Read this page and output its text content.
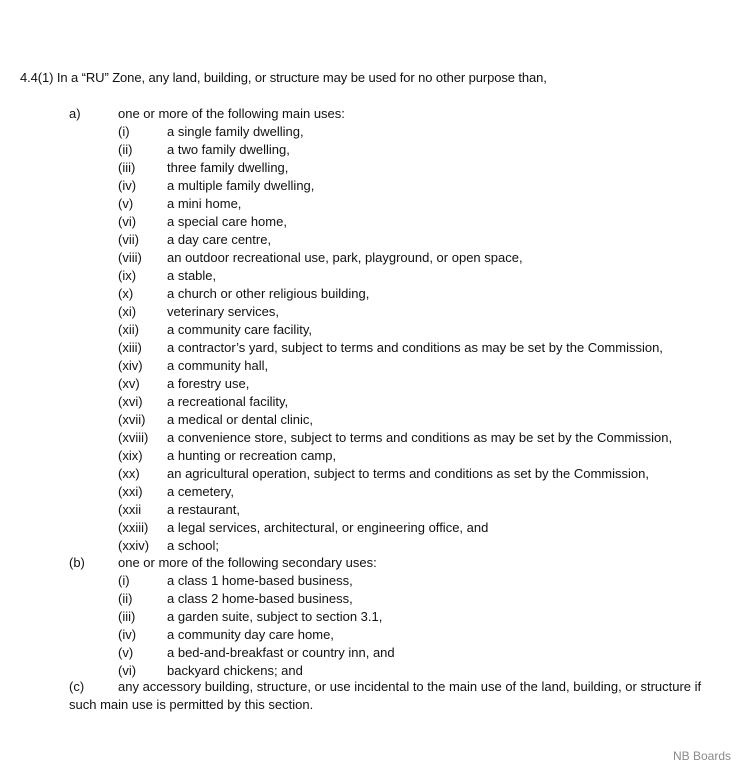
4.4(1) In a “RU” Zone, any land, building, or structure may be used for no other purpose than,
a)	one or more of the following main uses:
(i)	a single family dwelling,
(ii)	a two family dwelling,
(iii) three family dwelling,
(iv) a multiple family dwelling,
(v)	a mini home,
(vi) a special care home,
(vii) a day care centre,
(viii) an outdoor recreational use, park, playground, or open space,
(ix) a stable,
(x)	a church or other religious building,
(xi) veterinary services,
(xii) a community care facility,
(xiii) a contractor’s yard, subject to terms and conditions as may be set by the Commission,
(xiv) a community hall,
(xv) a forestry use,
(xvi) a recreational facility,
(xvii) a medical or dental clinic,
(xviii) a convenience store, subject to terms and conditions as may be set by the Commission,
(xix) a hunting or recreation camp,
(xx) an agricultural operation, subject to terms and conditions as set by the Commission,
(xxi) a cemetery,
(xxii a restaurant,
(xxiii) a legal services, architectural, or engineering office, and
(xxiv) a school;
(b)	one or more of the following secondary uses:
(i)	a class 1 home-based business,
(ii)	a class 2 home-based business,
(iii) a garden suite, subject to section 3.1,
(iv) a community day care home,
(v)	a bed-and-breakfast or country inn, and
(vi) backyard chickens; and
(c)	any accessory building, structure, or use incidental to the main use of the land, building, or structure if
such main use is permitted by this section.
NB Boards
